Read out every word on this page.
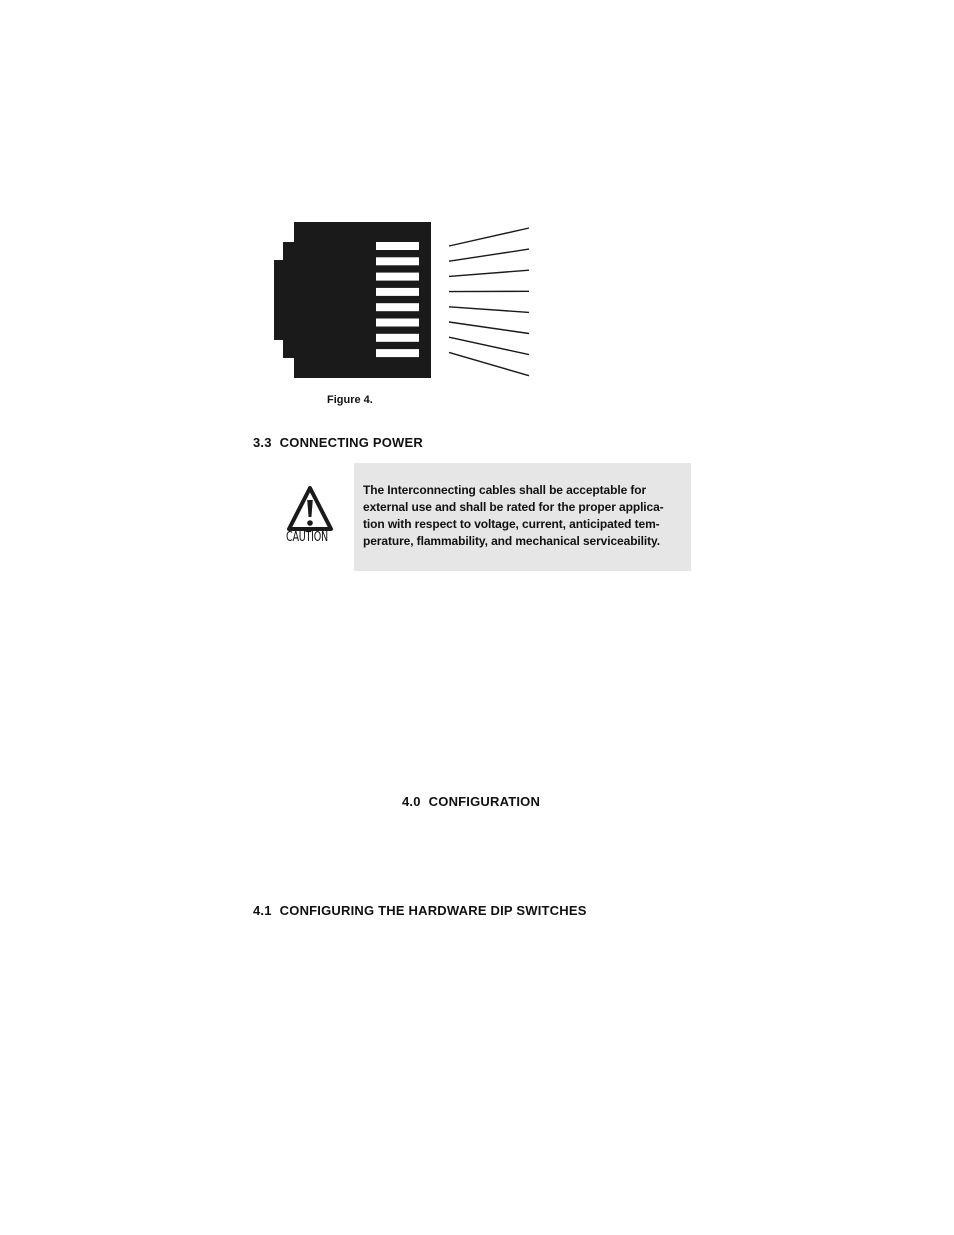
Figure 4.
3.3 CONNECTING POWER
The Interconnecting cables shall be acceptable for
external use and shall be rated for the proper applica-
tion with respect to voltage, current, anticipated tem-
perature, flammability, and mechanical serviceability.
CAUTION
4.0 CONFIGURATION
4.1 CONFIGURING THE HARDWARE DIP SWITCHES
